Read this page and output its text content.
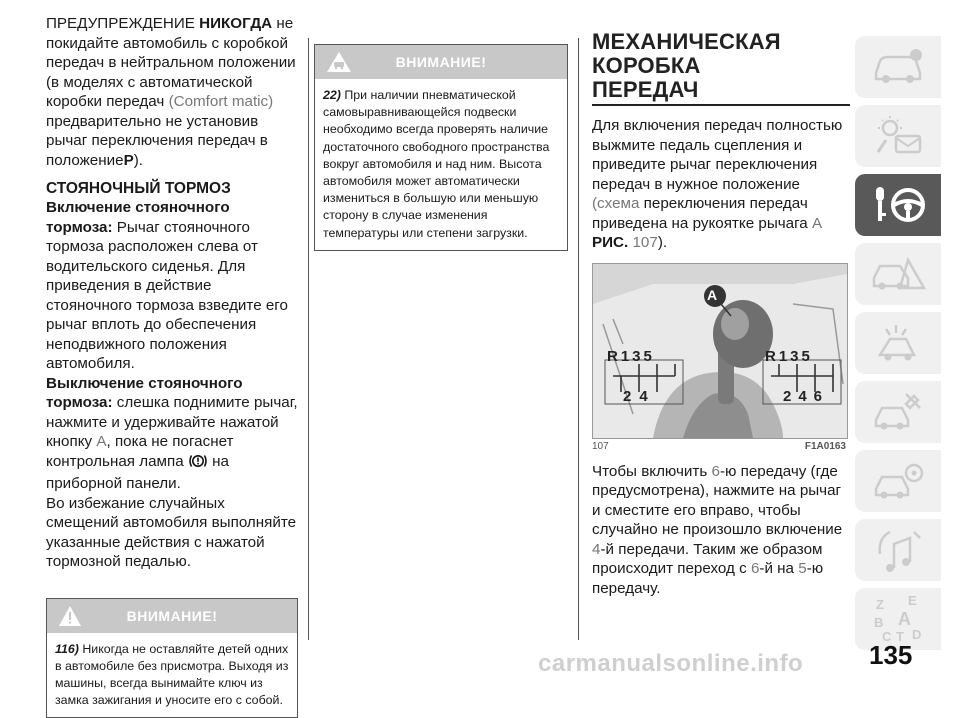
ПРЕДУПРЕЖДЕНИЕ НИКОГДА не покидайте автомобиль с коробкой передач в нейтральном положении (в моделях с автоматической коробки передач (Comfort matic) предварительно не установив рычаг переключения передач в положениеP).
СТОЯНОЧНЫЙ ТОРМОЗ
Включение стояночного тормоза: Рычаг стояночного тормоза расположен слева от водительского сиденья. Для приведения в действие стояночного тормоза взведите его рычаг вплоть до обеспечения неподвижного положения автомобиля.
Выключение стояночного тормоза: слешка поднимите рычаг, нажмите и удерживайте нажатой кнопку A, пока не погаснет контрольная лампа на приборной панели.
Во избежание случайных смещений автомобиля выполняйте указанные действия с нажатой тормозной педалью.
ВНИМАНИЕ!
116) Никогда не оставляйте детей одних в автомобиле без присмотра. Выходя из машины, всегда вынимайте ключ из замка зажигания и уносите его с собой.
ВНИМАНИЕ!
22) При наличии пневматической самовыравнивающейся подвески необходимо всегда проверять наличие достаточного свободного пространства вокруг автомобиля и над ним. Высота автомобиля может автоматически измениться в большую или меньшую сторону в случае изменения температуры или степени загрузки.
МЕХАНИЧЕСКАЯ КОРОБКА
ПЕРЕДАЧ
Для включения передач полностью выжмите педаль сцепления и приведите рычаг переключения передач в нужное положение (схема переключения передач приведена на рукоятке рычага A РИС. 107).
A
R135
24
R135
246
107	F1A0163
Чтобы включить 6-ю передачу (где предусмотрена), нажмите на рычаг и сместите его вправо, чтобы случайно не произошло включение 4-й передачи. Таким же образом происходит переход с 6-й на 5-ю передачу.
Z E
B A
C T D
135
carmanualsonline.info
